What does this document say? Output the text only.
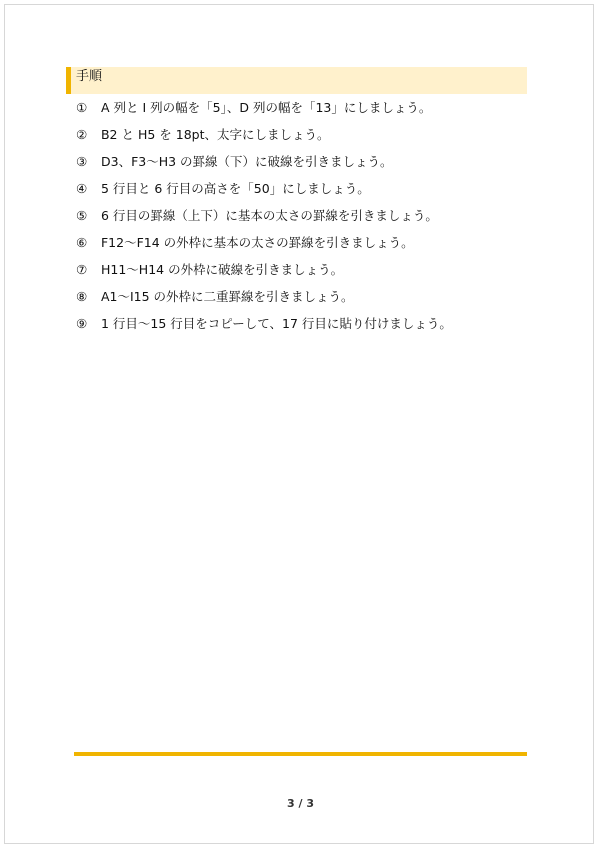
手順
① A 列と I 列の幅を「5」、D 列の幅を「13」にしましょう。
② B2 と H5 を 18pt、太字にしましょう。
③ D3、F3～H3 の罫線（下）に破線を引きましょう。
④ 5 行目と 6 行目の高さを「50」にしましょう。
⑤ 6 行目の罫線（上下）に基本の太さの罫線を引きましょう。
⑥ F12～F14 の外枠に基本の太さの罫線を引きましょう。
⑦ H11～H14 の外枠に破線を引きましょう。
⑧ A1～I15 の外枠に二重罫線を引きましょう。
⑨ 1 行目～15 行目をコピーして、17 行目に貼り付けましょう。
3 / 3
